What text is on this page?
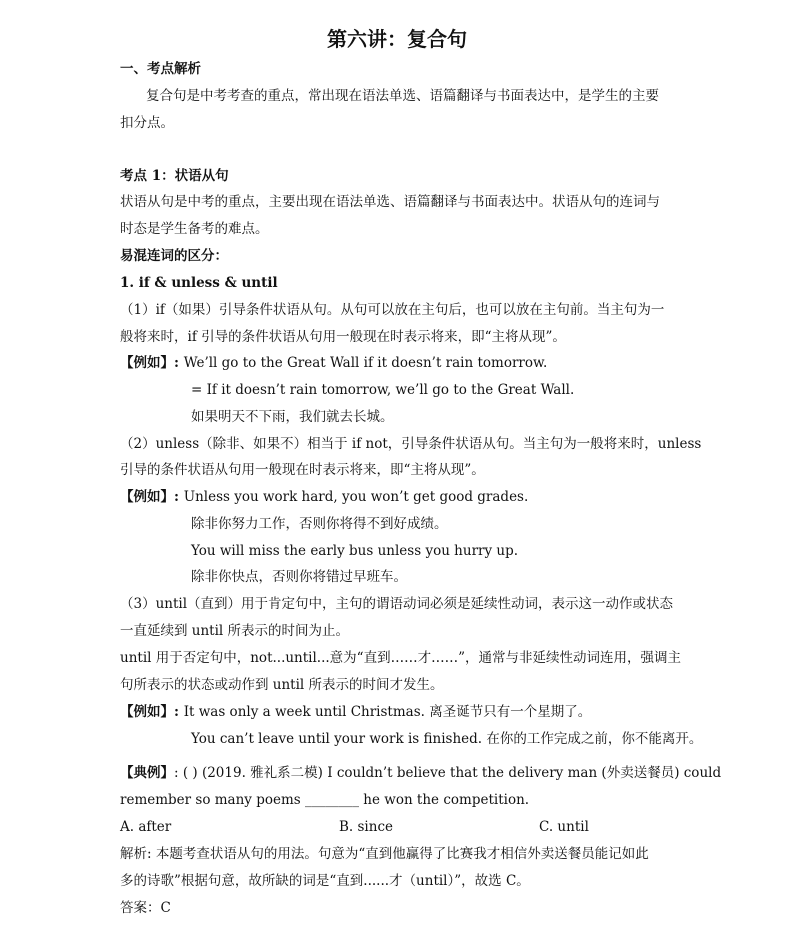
第六讲：复合句
一、考点解析
复合句是中考考查的重点，常出现在语法单选、语篇翻译与书面表达中，是学生的主要
扣分点。
考点 1：状语从句
状语从句是中考的重点，主要出现在语法单选、语篇翻译与书面表达中。状语从句的连词与
时态是学生备考的难点。
易混连词的区分：
1. if & unless & until
（1）if（如果）引导条件状语从句。从句可以放在主句后，也可以放在主句前。当主句为一
般将来时，if 引导的条件状语从句用一般现在时表示将来，即“主将从现”。
【例如】: We’ll go to the Great Wall if it doesn’t rain tomorrow.
= If it doesn’t rain tomorrow, we’ll go to the Great Wall.
如果明天不下雨，我们就去长城。
（2）unless（除非、如果不）相当于 if not，引导条件状语从句。当主句为一般将来时，unless
引导的条件状语从句用一般现在时表示将来，即“主将从现”。
【例如】: Unless you work hard, you won’t get good grades.
除非你努力工作，否则你将得不到好成绩。
You will miss the early bus unless you hurry up.
除非你快点，否则你将错过早班车。
（3）until（直到）用于肯定句中，主句的谓语动词必须是延续性动词，表示这一动作或状态
一直延续到 until 所表示的时间为止。
until 用于否定句中，not...until...意为“直到……才……”，通常与非延续性动词连用，强调主
句所表示的状态或动作到 until 所表示的时间才发生。
【例如】: It was only a week until Christmas. 离圣诞节只有一个星期了。
You can’t leave until your work is finished. 在你的工作完成之前，你不能离开。
【典例】: ( ) (2019. 雅礼系二模) I couldn’t believe that the delivery man (外卖送餐员) could
remember so many poems ________ he won the competition.
A. after	B. since	C. until
解析: 本题考查状语从句的用法。句意为“直到他赢得了比赛我才相信外卖送餐员能记如此
多的诗歌”根据句意，故所缺的词是“直到......才（until）”，故选 C。
答案：C
